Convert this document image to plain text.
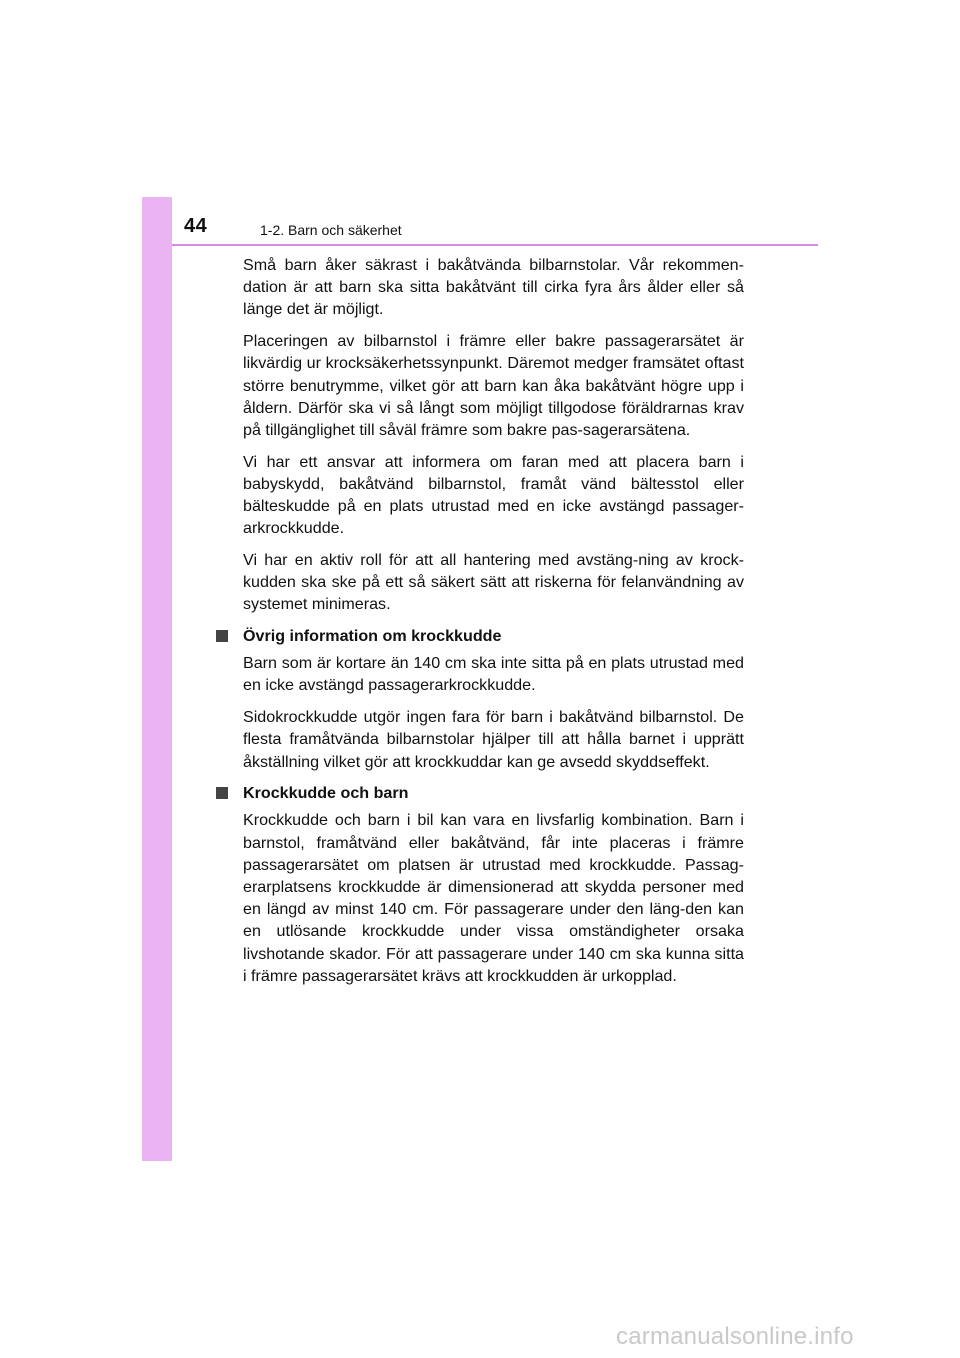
44	1-2. Barn och säkerhet

Små barn åker säkrast i bakåtvända bilbarnstolar. Vår rekommen-dation är att barn ska sitta bakåtvänt till cirka fyra års ålder eller så länge det är möjligt.

Placeringen av bilbarnstol i främre eller bakre passagerarsätet är likvärdig ur krocksäkerhetssynpunkt. Däremot medger framsätet oftast större benutrymme, vilket gör att barn kan åka bakåtvänt högre upp i åldern. Därför ska vi så långt som möjligt tillgodose föräldrarnas krav på tillgänglighet till såväl främre som bakre pas-sagerarsätena.

Vi har ett ansvar att informera om faran med att placera barn i babyskydd, bakåtvänd bilbarnstol, framåt vänd bältesstol eller bälteskudde på en plats utrustad med en icke avstängd passager-arkrockkudde.

Vi har en aktiv roll för att all hantering med avstäng-ning av krock-kudden ska ske på ett så säkert sätt att riskerna för felanvändning av systemet minimeras.

Övrig information om krockkudde

Barn som är kortare än 140 cm ska inte sitta på en plats utrustad med en icke avstängd passagerarkrockkudde.

Sidokrockkudde utgör ingen fara för barn i bakåtvänd bilbarnstol. De flesta framåtvända bilbarnstolar hjälper till att hålla barnet i upprätt åkställning vilket gör att krockkuddar kan ge avsedd skyddseffekt.

Krockkudde och barn

Krockkudde och barn i bil kan vara en livsfarlig kombination. Barn i barnstol, framåtvänd eller bakåtvänd, får inte placeras i främre passagerarsätet om platsen är utrustad med krockkudde. Passag-erarplatsens krockkudde är dimensionerad att skydda personer med en längd av minst 140 cm. För passagerare under den läng-den kan en utlösande krockkudde under vissa omständigheter orsaka livshotande skador. För att passagerare under 140 cm ska kunna sitta i främre passagerarsätet krävs att krockkudden är urkopplad.

carmanualsonline.info
